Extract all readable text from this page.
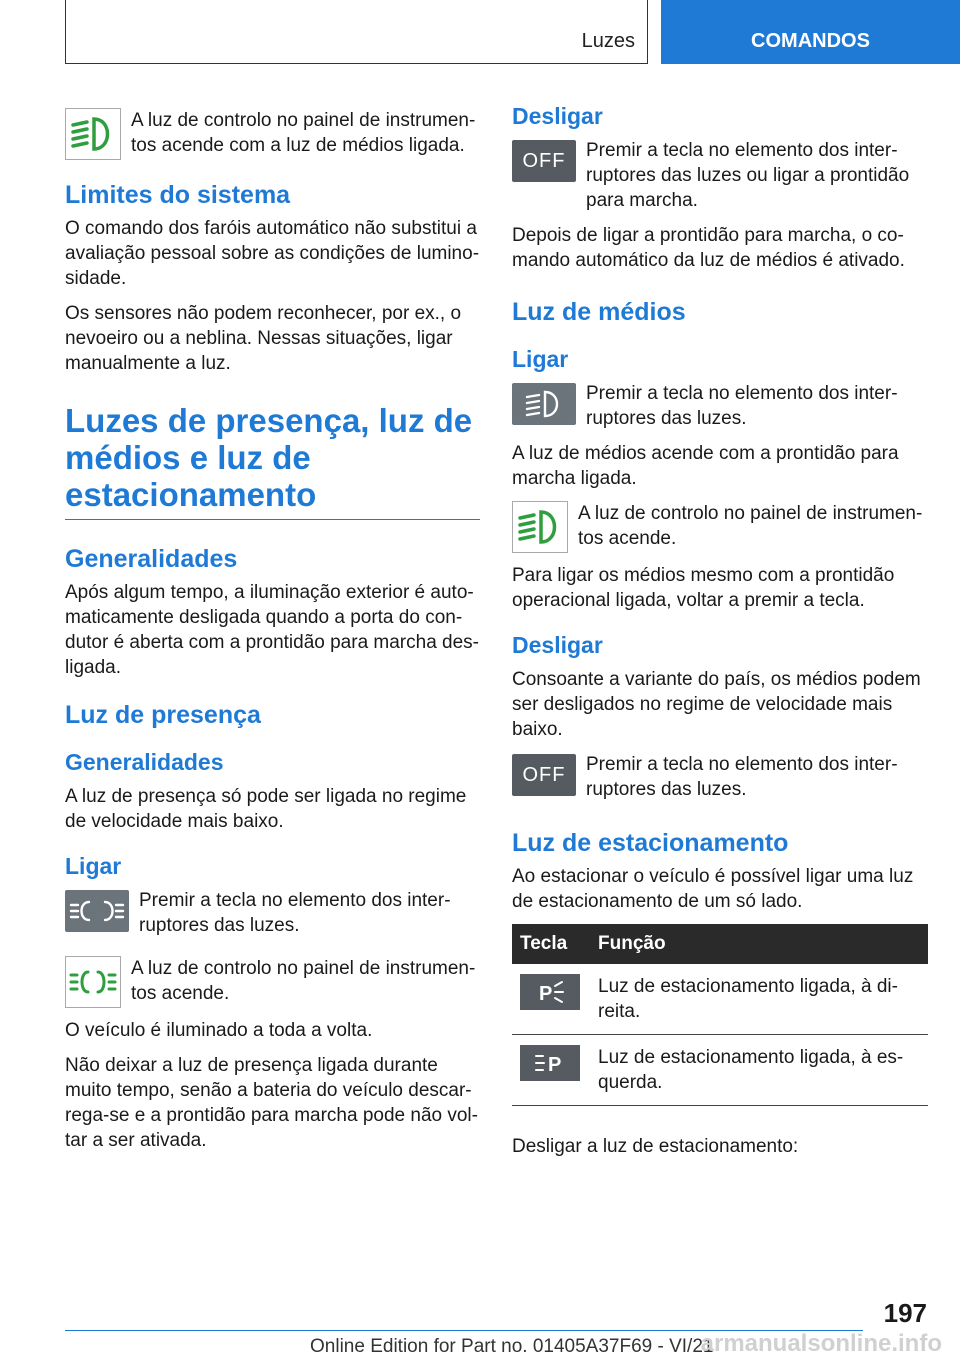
Luzes	COMANDOS

A luz de controlo no painel de instrumen- tos acende com a luz de médios ligada.

Limites do sistema

O comando dos faróis automático não substitui a avaliação pessoal sobre as condições de lumino- sidade.

Os sensores não podem reconhecer, por ex., o nevoeiro ou a neblina. Nessas situações, ligar manualmente a luz.

Luzes de presença, luz de médios e luz de estacionamento
Generalidades

Após algum tempo, a iluminação exterior é auto- maticamente desligada quando a porta do con- dutor é aberta com a prontidão para marcha des- ligada.

Luz de presença
Generalidades

A luz de presença só pode ser ligada no regime de velocidade mais baixo.

Ligar

Premir a tecla no elemento dos inter- ruptores das luzes.

A luz de controlo no painel de instrumen- tos acende.

O veículo é iluminado a toda a volta.

Não deixar a luz de presença ligada durante muito tempo, senão a bateria do veículo descar- rega-se e a prontidão para marcha pode não vol- tar a ser ativada.

Desligar
OFF	Premir a tecla no elemento dos inter- ruptores das luzes ou ligar a prontidão para marcha.

Depois de ligar a prontidão para marcha, o co- mando automático da luz de médios é ativado.

Luz de médios
Ligar

Premir a tecla no elemento dos inter- ruptores das luzes.

A luz de médios acende com a prontidão para marcha ligada.

A luz de controlo no painel de instrumen- tos acende.

Para ligar os médios mesmo com a prontidão operacional ligada, voltar a premir a tecla.

Desligar

Consoante a variante do país, os médios podem ser desligados no regime de velocidade mais baixo.

OFF	Premir a tecla no elemento dos inter- ruptores das luzes.

Luz de estacionamento

Ao estacionar o veículo é possível ligar uma luz de estacionamento de um só lado.

Tecla	Função

P	Luz de estacionamento ligada, à di- reita.

P	Luz de estacionamento ligada, à es- querda.

Desligar a luz de estacionamento:

197
Online Edition for Part no. 01405A37F69 - VI/21
armanualsonline.info
